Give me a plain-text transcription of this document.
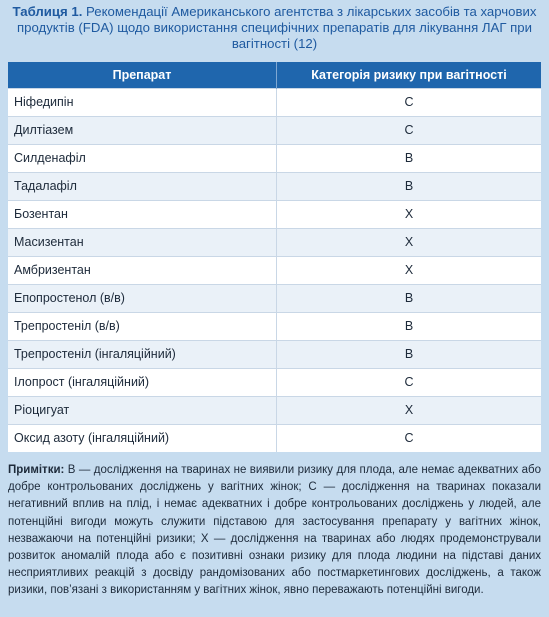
Таблиця 1. Рекомендації Американського агентства з лікарських засобів та харчових продуктів (FDA) щодо використання специфічних препаратів для лікування ЛАГ при вагітності (12)
Препарат	Категорія ризику при вагітності
Ніфедипін	C
Дилтіазем	C
Силденафіл	B
Тадалафіл	B
Бозентан	X
Масизентан	X
Амбризентан	X
Епопростенол (в/в)	B
Трепростеніл (в/в)	B
Трепростеніл (інгаляційний)	B
Ілопрост (інгаляційний)	C
Ріоцигуат	X
Оксид азоту (інгаляційний)	C
Примітки: B — дослідження на тваринах не виявили ризику для плода, але немає адекватних або добре контрольованих досліджень у вагітних жінок; C — дослідження на тваринах показали негативний вплив на плід, і немає адекватних і добре контрольованих досліджень у людей, але потенційні вигоди можуть служити підставою для застосування препарату у вагітних жінок, незважаючи на потенційні ризики; X — дослідження на тваринах або людях продемонстрували розвиток аномалій плода або є позитивні ознаки ризику для плода людини на підставі даних несприятливих реакцій з досвіду рандомізованих або постмаркетингових досліджень, а також ризики, пов’язані з використанням у вагітних жінок, явно переважають потенційні вигоди.
